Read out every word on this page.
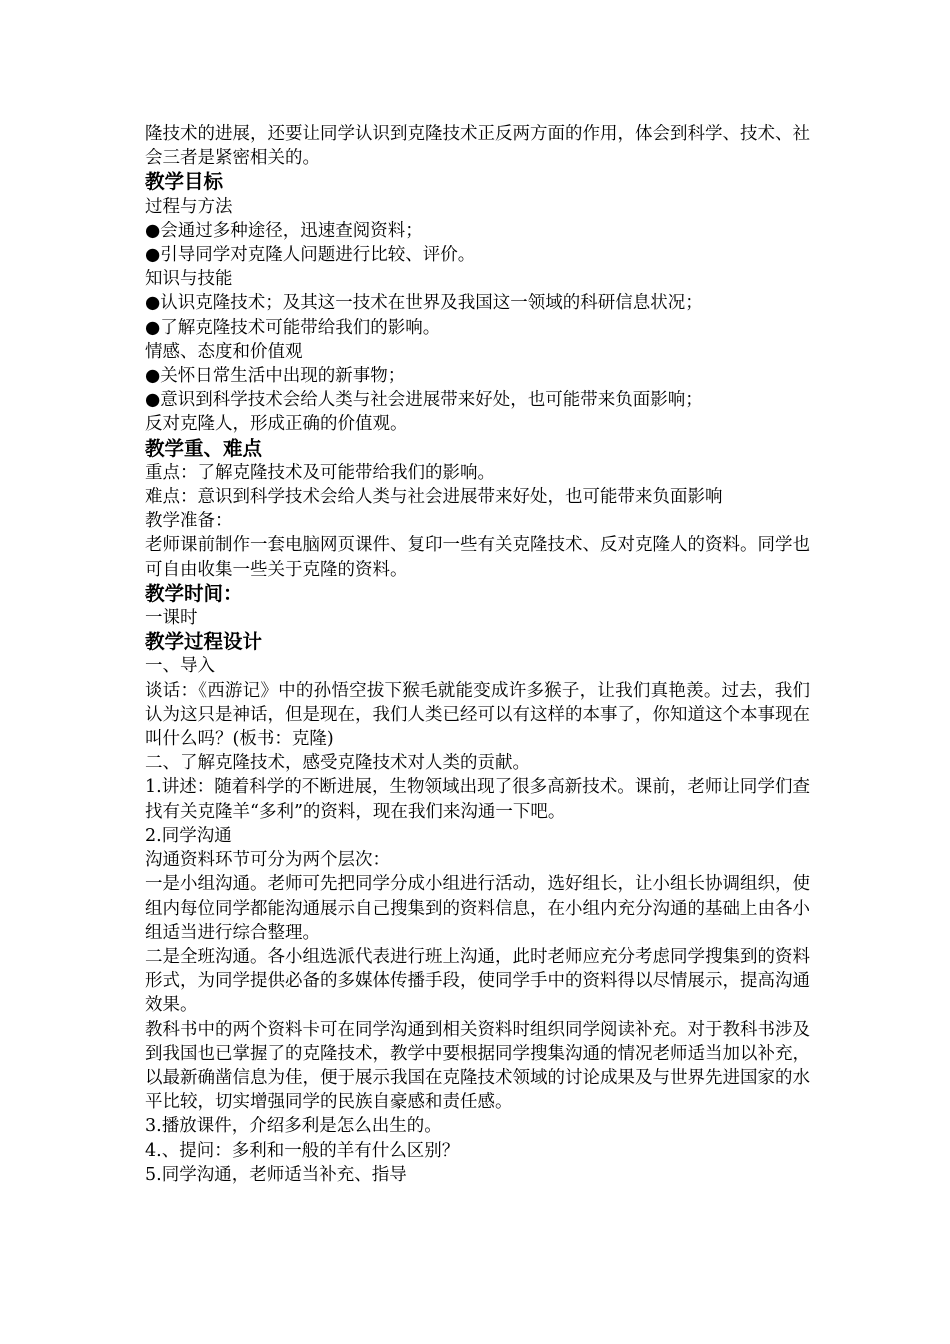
隆技术的进展，还要让同学认识到克隆技术正反两方面的作用，体会到科学、技术、社会三者是紧密相关的。

教学目标

过程与方法

●会通过多种途径，迅速查阅资料；

●引导同学对克隆人问题进行比较、评价。

知识与技能

●认识克隆技术；及其这一技术在世界及我国这一领域的科研信息状况；

●了解克隆技术可能带给我们的影响。

情感、态度和价值观

●关怀日常生活中出现的新事物；

●意识到科学技术会给人类与社会进展带来好处，也可能带来负面影响；

反对克隆人，形成正确的价值观。

教学重、难点

重点：了解克隆技术及可能带给我们的影响。

难点：意识到科学技术会给人类与社会进展带来好处，也可能带来负面影响

教学准备：

老师课前制作一套电脑网页课件、复印一些有关克隆技术、反对克隆人的资料。同学也可自由收集一些关于克隆的资料。

教学时间：

一课时

教学过程设计

一、导入

谈话：《西游记》中的孙悟空拔下猴毛就能变成许多猴子，让我们真艳羡。过去，我们认为这只是神话，但是现在，我们人类已经可以有这样的本事了，你知道这个本事现在叫什么吗？(板书：克隆)

二、了解克隆技术，感受克隆技术对人类的贡献。

1.讲述：随着科学的不断进展，生物领域出现了很多高新技术。课前，老师让同学们查找有关克隆羊“多利”的资料，现在我们来沟通一下吧。

2.同学沟通

沟通资料环节可分为两个层次：

一是小组沟通。老师可先把同学分成小组进行活动，选好组长，让小组长协调组织，使组内每位同学都能沟通展示自己搜集到的资料信息，在小组内充分沟通的基础上由各小组适当进行综合整理。

二是全班沟通。各小组选派代表进行班上沟通，此时老师应充分考虑同学搜集到的资料形式，为同学提供必备的多媒体传播手段，使同学手中的资料得以尽情展示，提高沟通效果。

教科书中的两个资料卡可在同学沟通到相关资料时组织同学阅读补充。对于教科书涉及到我国也已掌握了的克隆技术，教学中要根据同学搜集沟通的情况老师适当加以补充，以最新确凿信息为佳，便于展示我国在克隆技术领域的讨论成果及与世界先进国家的水平比较，切实增强同学的民族自豪感和责任感。

3.播放课件，介绍多利是怎么出生的。

4.、提问：多利和一般的羊有什么区别？

5.同学沟通，老师适当补充、指导
